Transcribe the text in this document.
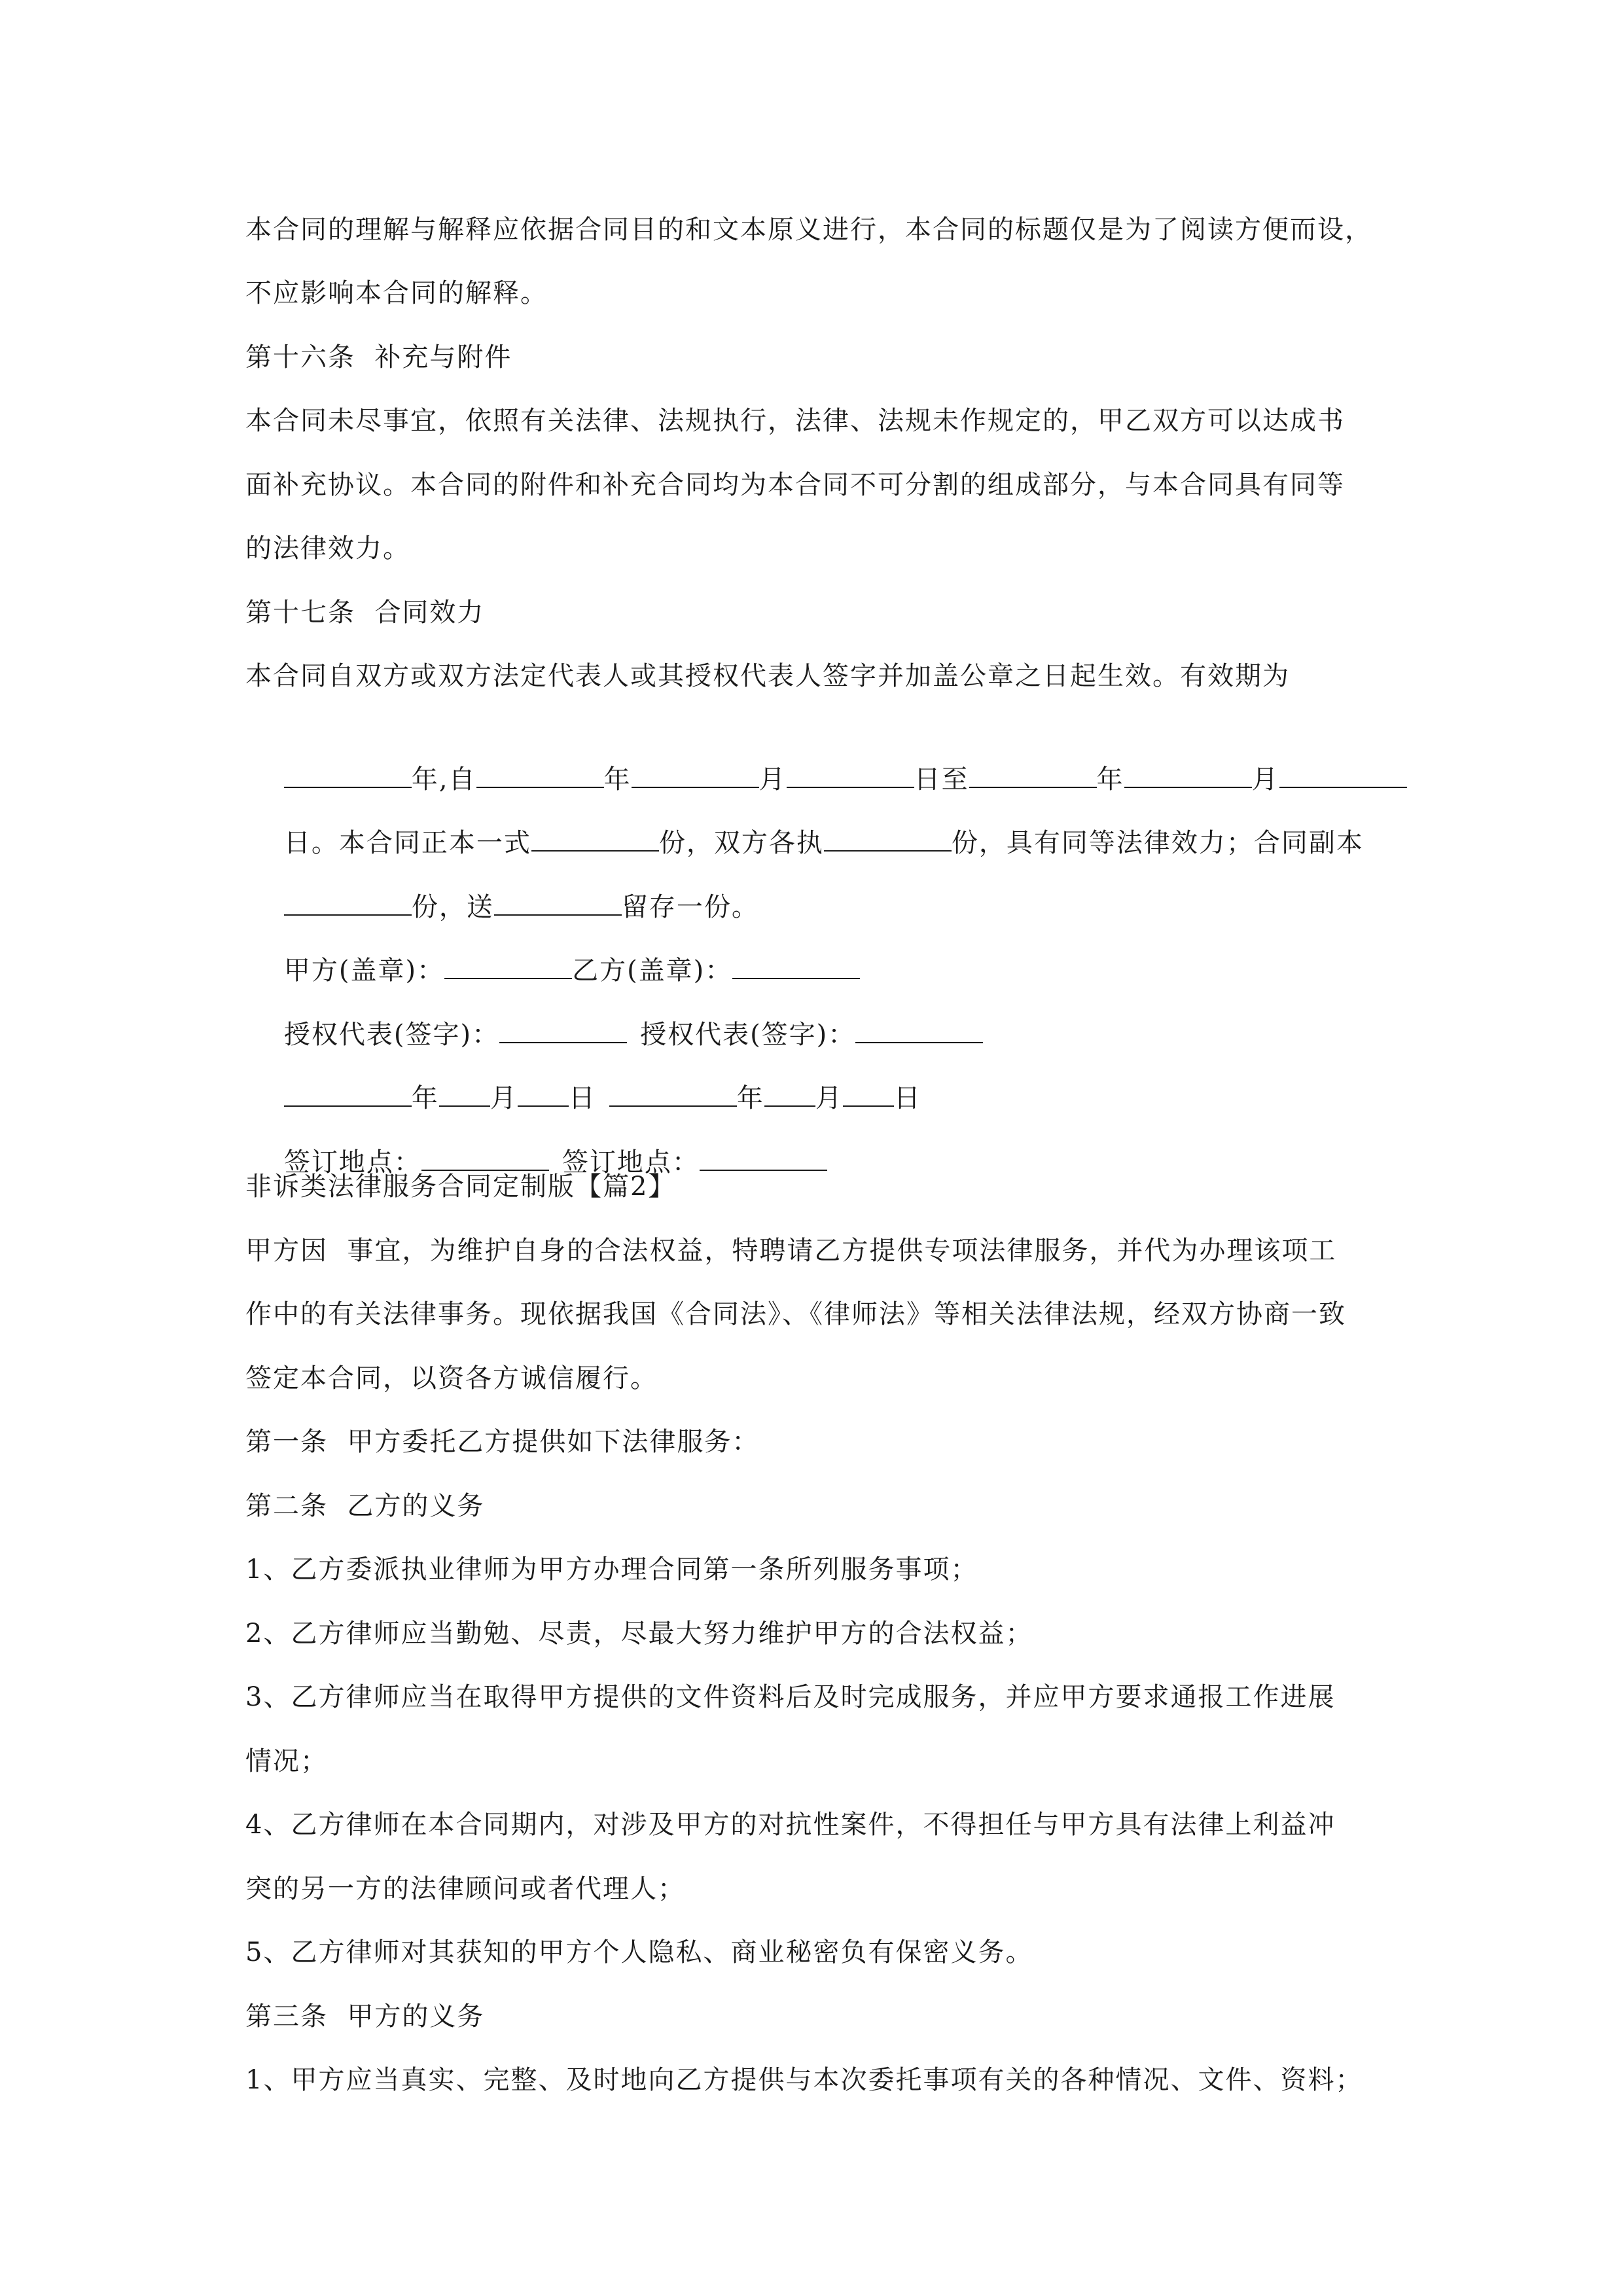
本合同的理解与解释应依据合同目的和文本原义进行，本合同的标题仅是为了阅读方便而设，
不应影响本合同的解释。
第十六条  补充与附件
本合同未尽事宜，依照有关法律、法规执行，法律、法规未作规定的，甲乙双方可以达成书
面补充协议。本合同的附件和补充合同均为本合同不可分割的组成部分，与本合同具有同等
的法律效力。
第十七条  合同效力
本合同自双方或双方法定代表人或其授权代表人签字并加盖公章之日起生效。有效期为

年,自	年	月	日至	年	月

日。本合同正本一式	份，双方各执	份，具有同等法律效力；合同副本

份，送	留存一份。

甲方(盖章)：	乙方(盖章)：

授权代表(签字)：	授权代表(签字)：

年 月 日	年 月 日

签订地点：	签订地点：

非诉类法律服务合同定制版【篇2】
甲方因  事宜，为维护自身的合法权益，特聘请乙方提供专项法律服务，并代为办理该项工
作中的有关法律事务。现依据我国《合同法》、《律师法》等相关法律法规，经双方协商一致
签定本合同，以资各方诚信履行。
第一条  甲方委托乙方提供如下法律服务：
第二条  乙方的义务
1、乙方委派执业律师为甲方办理合同第一条所列服务事项；
2、乙方律师应当勤勉、尽责，尽最大努力维护甲方的合法权益；
3、乙方律师应当在取得甲方提供的文件资料后及时完成服务，并应甲方要求通报工作进展
情况；
4、乙方律师在本合同期内，对涉及甲方的对抗性案件，不得担任与甲方具有法律上利益冲
突的另一方的法律顾问或者代理人；
5、乙方律师对其获知的甲方个人隐私、商业秘密负有保密义务。
第三条  甲方的义务
1、甲方应当真实、完整、及时地向乙方提供与本次委托事项有关的各种情况、文件、资料；
